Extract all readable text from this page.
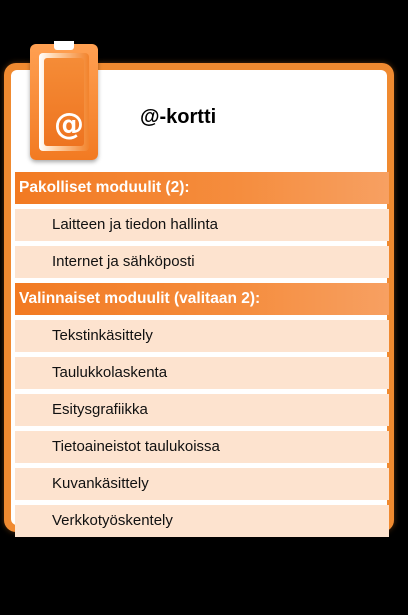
@	@-kortti
Pakolliset moduulit (2):
Laitteen ja tiedon hallinta
Internet ja sähköposti
Valinnaiset moduulit (valitaan 2):
Tekstinkäsittely
Taulukkolaskenta
Esitysgrafiikka
Tietoaineistot taulukoissa
Kuvankäsittely
Verkkotyöskentely
